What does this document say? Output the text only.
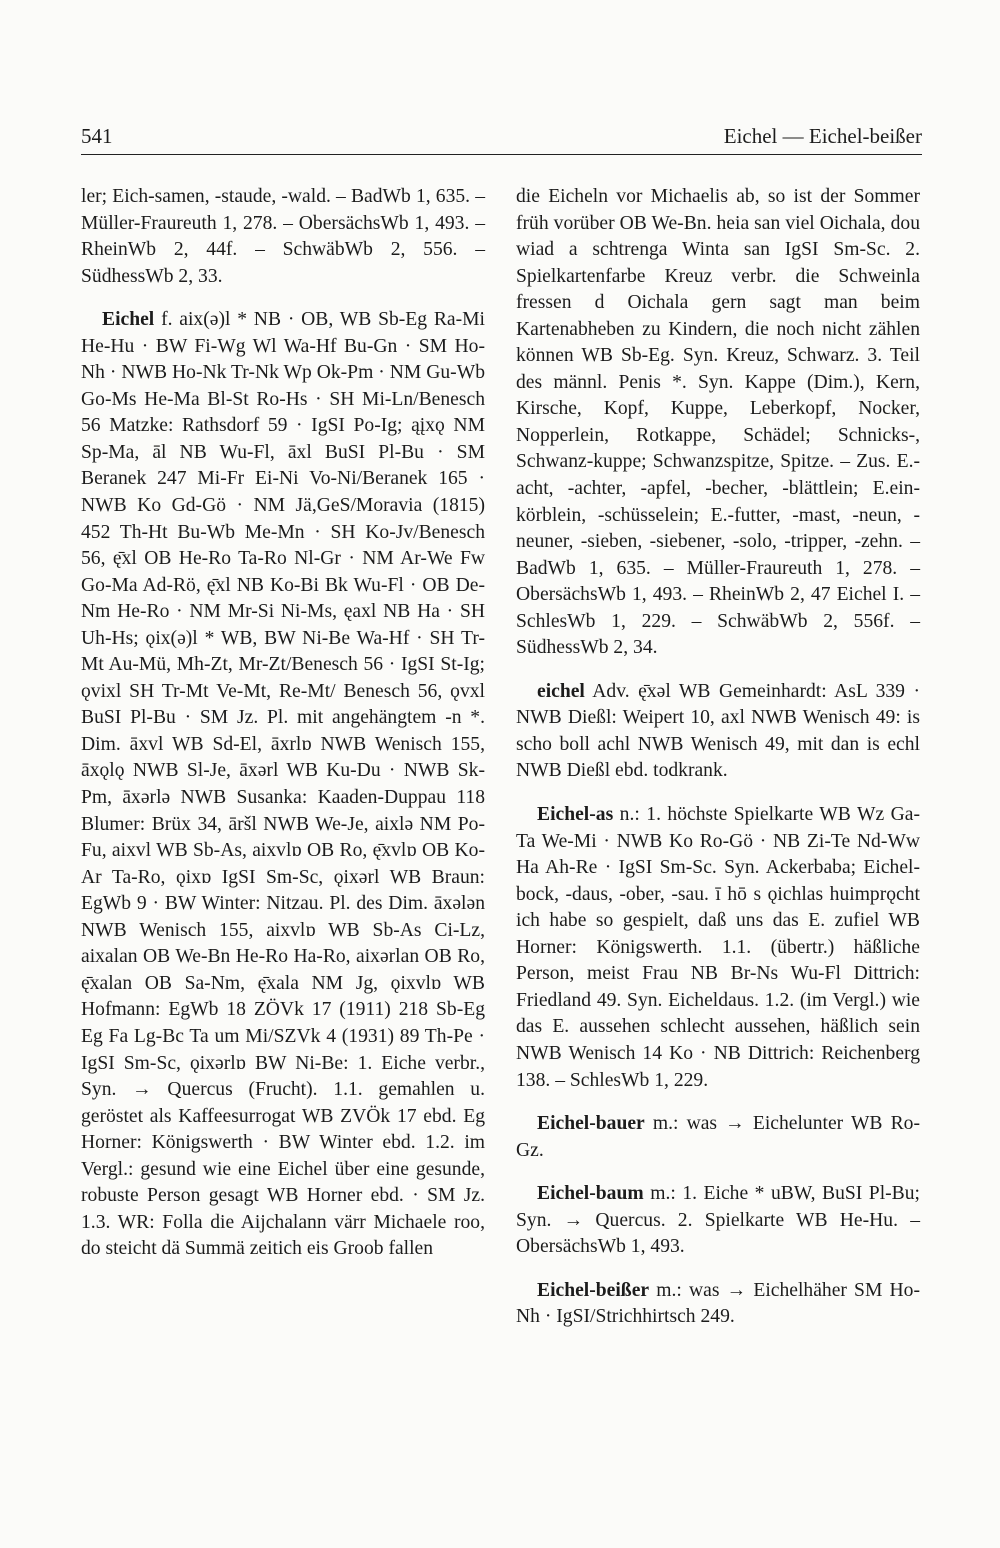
541	Eichel — Eichel-beißer

ler; Eich-samen, -staude, -wald. – BadWb 1, 635. – Müller-Fraureuth 1, 278. – ObersächsWb 1, 493. – RheinWb 2, 44f. – SchwäbWb 2, 556. – SüdhessWb 2, 33.

Eichel f. aix(ə)l * NB · OB, WB Sb-Eg Ra-Mi He-Hu · BW Fi-Wg Wl Wa-Hf Bu-Gn · SM Ho-Nh · NWB Ho-Nk Tr-Nk Wp Ok-Pm · NM Gu-Wb Go-Ms He-Ma Bl-St Ro-Hs · SH Mi-Ln/Benesch 56 Matzke: Rathsdorf 59 · IgSI Po-Ig; ąįxǫ NM Sp-Ma, āl NB Wu-Fl, āxl BuSI Pl-Bu · SM Beranek 247 Mi-Fr Ei-Ni Vo-Ni/Beranek 165 · NWB Ko Gd-Gö · NM Jä,GeS/Moravia (1815) 452 Th-Ht Bu-Wb Me-Mn · SH Ko-Jv/Benesch 56, ę̄xl OB He-Ro Ta-Ro Nl-Gr · NM Ar-We Fw Go-Ma Ad-Rö, ę̄xl NB Ko-Bi Bk Wu-Fl · OB De-Nm He-Ro · NM Mr-Si Ni-Ms, ęaxl NB Ha · SH Uh-Hs; ǫix(ə)l * WB, BW Ni-Be Wa-Hf · SH Tr-Mt Au-Mü, Mh-Zt, Mr-Zt/Benesch 56 · IgSI St-Ig; ǫvixl SH Tr-Mt Ve-Mt, Re-Mt/ Benesch 56, ǫvxl BuSI Pl-Bu · SM Jz. Pl. mit angehängtem -n *. Dim. āxvl WB Sd-El, āxrlɒ NWB Wenisch 155, āxǫlǫ NWB Sl-Je, āxərl WB Ku-Du · NWB Sk-Pm, āxərlə NWB Susanka: Kaaden-Duppau 118 Blumer: Brüx 34, āršl NWB We-Je, aixlə NM Po-Fu, aixvl WB Sb-As, aixvlɒ OB Ro, ę̄xvlɒ OB Ko-Ar Ta-Ro, ǫixɒ IgSI Sm-Sc, ǫixərl WB Braun: EgWb 9 · BW Winter: Nitzau. Pl. des Dim. āxələn NWB Wenisch 155, aixvlɒ WB Sb-As Ci-Lz, aixalan OB We-Bn He-Ro Ha-Ro, aixərlan OB Ro, ę̄xalan OB Sa-Nm, ę̄xala NM Jg, ǫixvlɒ WB Hofmann: EgWb 18 ZÖVk 17 (1911) 218 Sb-Eg Eg Fa Lg-Bc Ta um Mi/SZVk 4 (1931) 89 Th-Pe · IgSI Sm-Sc, ǫixərlɒ BW Ni-Be: 1. Eiche verbr., Syn. → Quercus (Frucht). 1.1. gemahlen u. geröstet als Kaffeesurrogat WB ZVÖk 17 ebd. Eg Horner: Königswerth · BW Winter ebd. 1.2. im Vergl.: gesund wie eine Eichel über eine gesunde, robuste Person gesagt WB Horner ebd. · SM Jz. 1.3. WR: Folla die Aijchalann värr Michaele roo, do steicht dä Summä zeitich eis Groob fallen

die Eicheln vor Michaelis ab, so ist der Sommer früh vorüber OB We-Bn. heia san viel Oichala, dou wiad a schtrenga Winta san IgSI Sm-Sc. 2. Spielkartenfarbe Kreuz verbr. die Schweinla fressen d Oichala gern sagt man beim Kartenabheben zu Kindern, die noch nicht zählen können WB Sb-Eg. Syn. Kreuz, Schwarz. 3. Teil des männl. Penis *. Syn. Kappe (Dim.), Kern, Kirsche, Kopf, Kuppe, Leberkopf, Nocker, Nopperlein, Rotkappe, Schädel; Schnicks-, Schwanz-kuppe; Schwanzspitze, Spitze. – Zus. E.-acht, -achter, -apfel, -becher, -blättlein; E.ein-körblein, -schüsselein; E.-futter, -mast, -neun, -neuner, -sieben, -siebener, -solo, -tripper, -zehn. – BadWb 1, 635. – Müller-Fraureuth 1, 278. – ObersächsWb 1, 493. – RheinWb 2, 47 Eichel I. – SchlesWb 1, 229. – SchwäbWb 2, 556f. – SüdhessWb 2, 34.

eichel Adv. ę̄xəl WB Gemeinhardt: AsL 339 · NWB Dießl: Weipert 10, axl NWB Wenisch 49: is scho boll achl NWB Wenisch 49, mit dan is echl NWB Dießl ebd. todkrank.

Eichel-as n.: 1. höchste Spielkarte WB Wz Ga-Ta We-Mi · NWB Ko Ro-Gö · NB Zi-Te Nd-Ww Ha Ah-Re · IgSI Sm-Sc. Syn. Ackerbaba; Eichel-bock, -daus, -ober, -sau. ī hō s ǫichlas huimprǫcht ich habe so gespielt, daß uns das E. zufiel WB Horner: Königswerth. 1.1. (übertr.) häßliche Person, meist Frau NB Br-Ns Wu-Fl Dittrich: Friedland 49. Syn. Eicheldaus. 1.2. (im Vergl.) wie das E. aussehen schlecht aussehen, häßlich sein NWB Wenisch 14 Ko · NB Dittrich: Reichenberg 138. – SchlesWb 1, 229.

Eichel-bauer m.: was → Eichelunter WB Ro-Gz.

Eichel-baum m.: 1. Eiche * uBW, BuSI Pl-Bu; Syn. → Quercus. 2. Spielkarte WB He-Hu. – ObersächsWb 1, 493.

Eichel-beißer m.: was → Eichelhäher SM Ho-Nh · IgSI/Strichhirtsch 249.
